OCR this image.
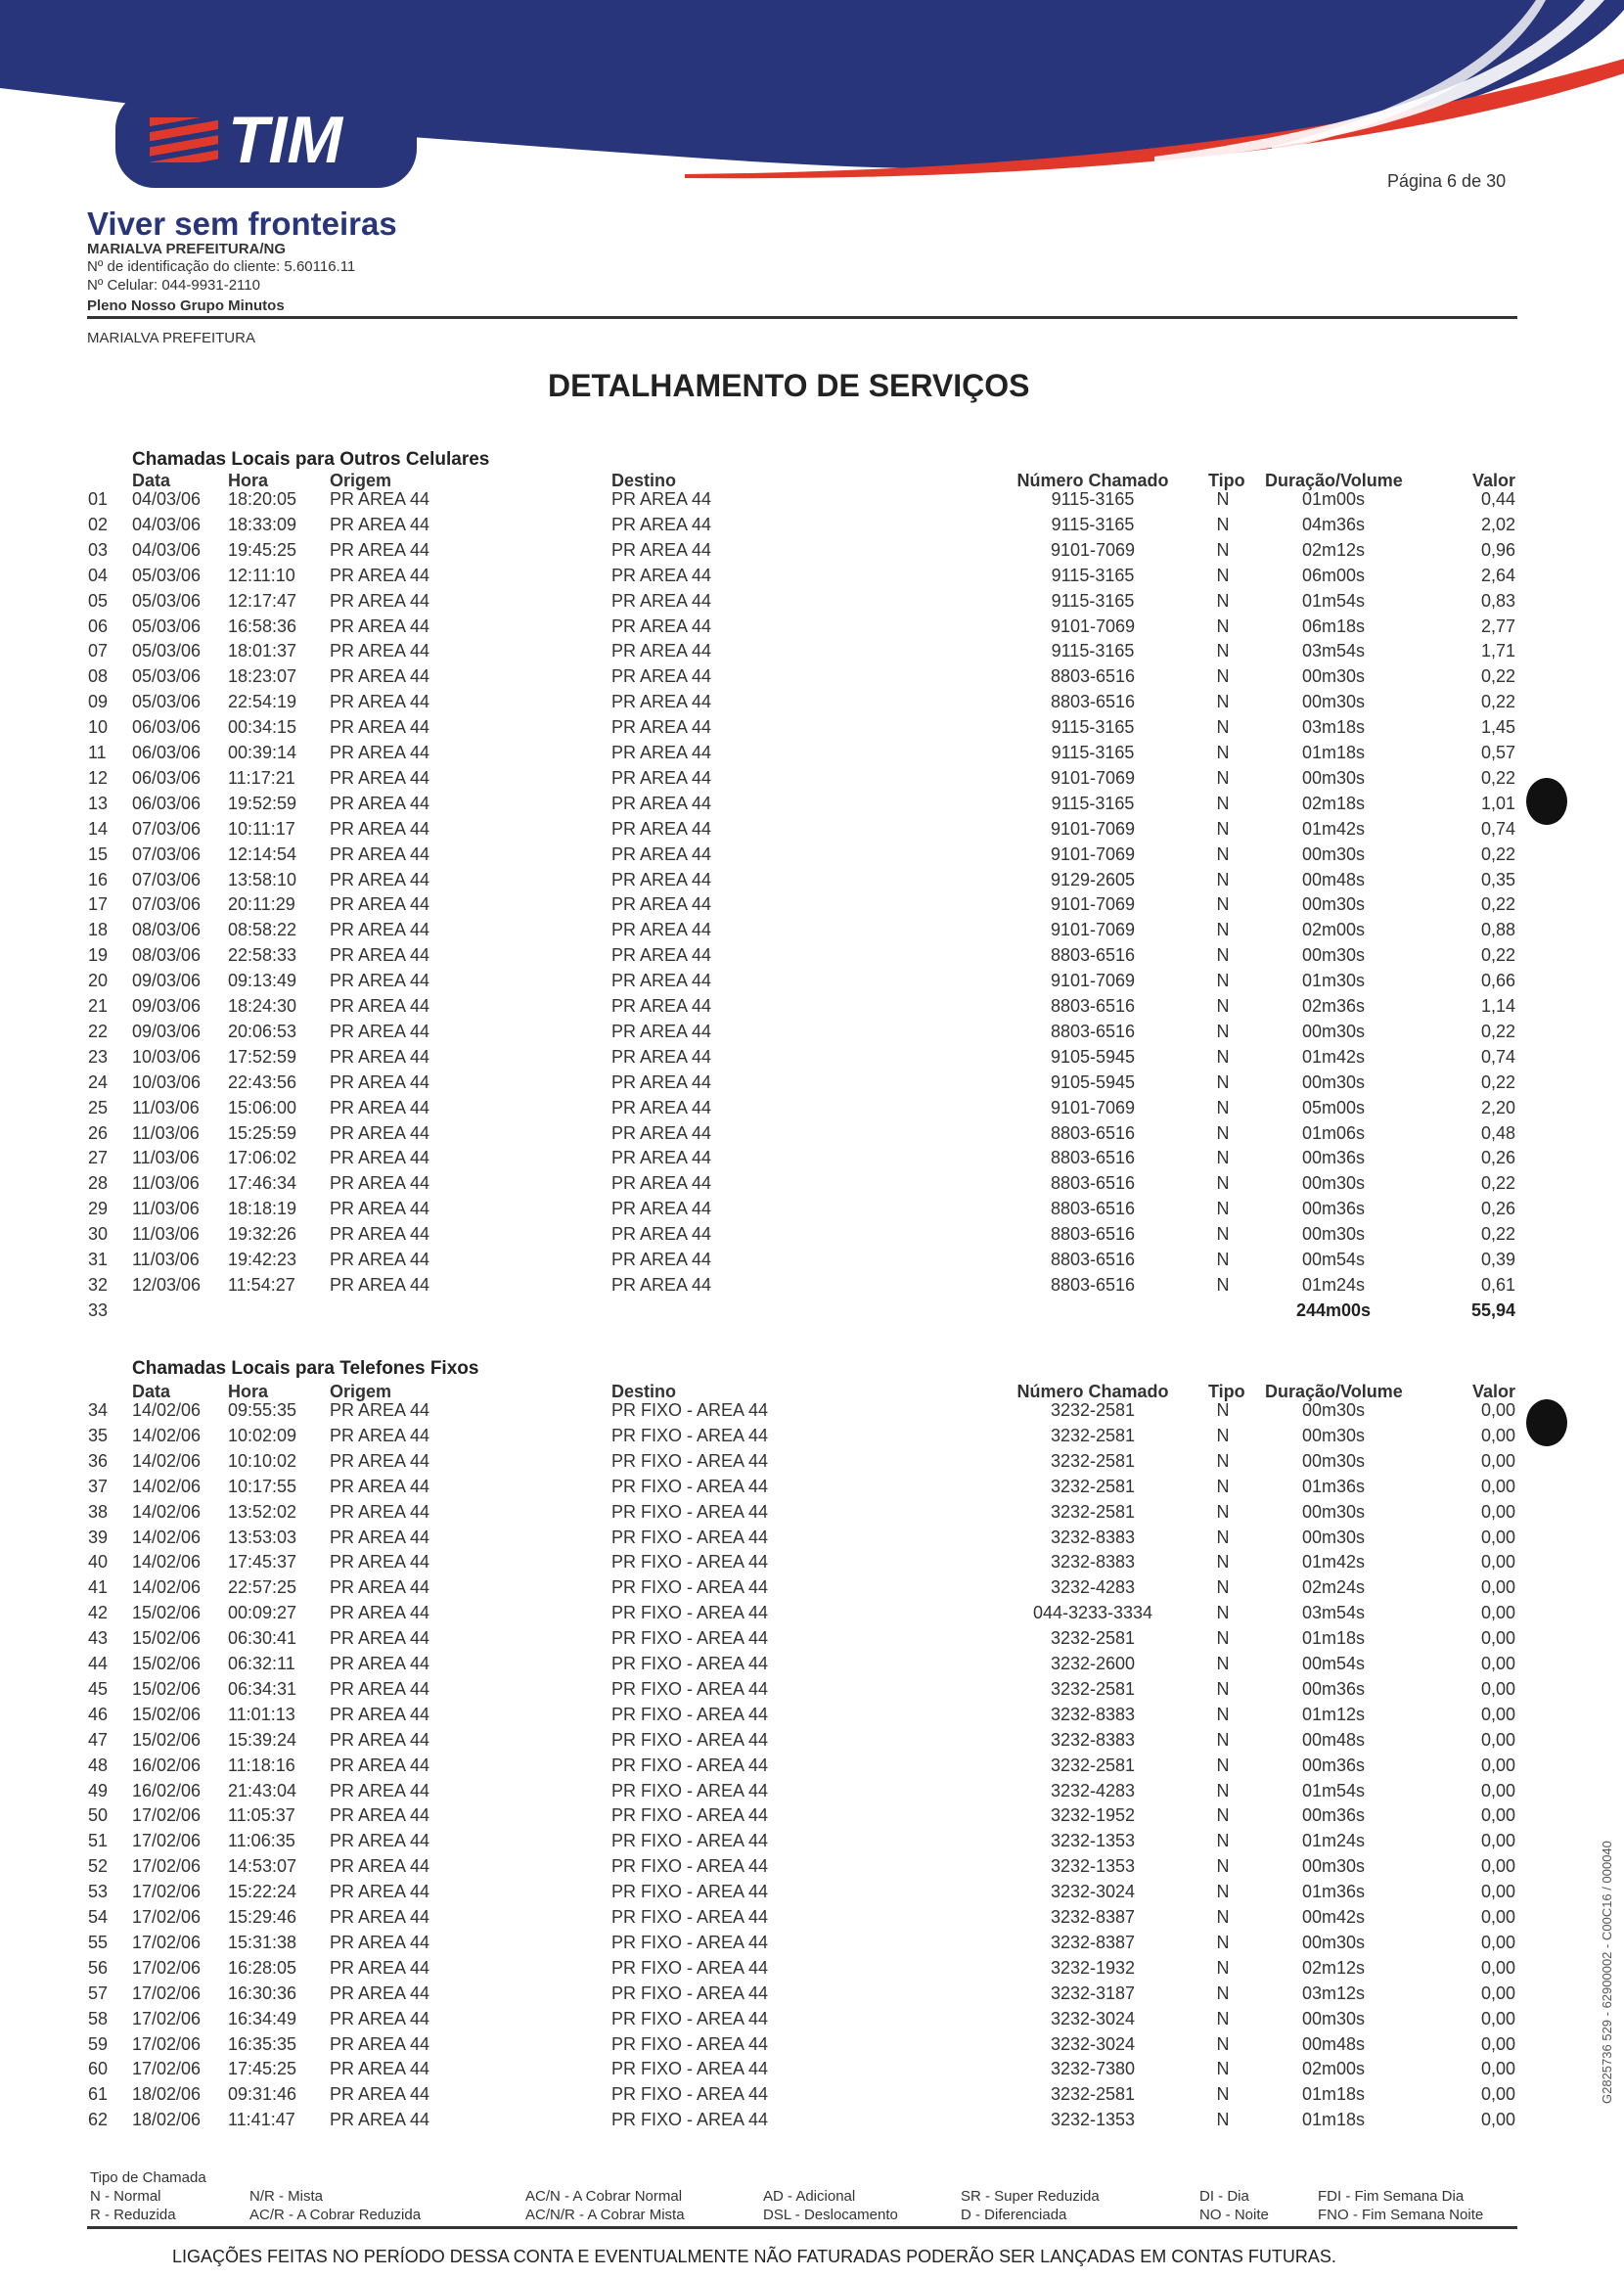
TIM
Página 6 de 30
Viver sem fronteiras
MARIALVA PREFEITURA/NG
Nº de identificação do cliente: 5.60116.11
Nº Celular: 044-9931-2110
Pleno Nosso Grupo Minutos
MARIALVA PREFEITURA
DETALHAMENTO DE SERVIÇOS
Chamadas Locais para Outros Celulares
Data	Hora	Origem	Destino	Número Chamado Tipo Duração/Volume	Valor
01 04/03/06 18:20:05 PR AREA 44	PR AREA 44	9115-3165	N	01m00s	0,44
02 04/03/06 18:33:09 PR AREA 44	PR AREA 44	9115-3165	N	04m36s	2,02
03 04/03/06 19:45:25 PR AREA 44	PR AREA 44	9101-7069	N	02m12s	0,96
04 05/03/06 12:11:10 PR AREA 44	PR AREA 44	9115-3165	N	06m00s	2,64
05 05/03/06 12:17:47 PR AREA 44	PR AREA 44	9115-3165	N	01m54s	0,83
06 05/03/06 16:58:36 PR AREA 44	PR AREA 44	9101-7069	N	06m18s	2,77
07 05/03/06 18:01:37 PR AREA 44	PR AREA 44	9115-3165	N	03m54s	1,71
08 05/03/06 18:23:07 PR AREA 44	PR AREA 44	8803-6516	N	00m30s	0,22
09 05/03/06 22:54:19 PR AREA 44	PR AREA 44	8803-6516	N	00m30s	0,22
10 06/03/06 00:34:15 PR AREA 44	PR AREA 44	9115-3165	N	03m18s	1,45
11 06/03/06 00:39:14 PR AREA 44	PR AREA 44	9115-3165	N	01m18s	0,57
12 06/03/06 11:17:21 PR AREA 44	PR AREA 44	9101-7069	N	00m30s	0,22
13 06/03/06 19:52:59 PR AREA 44	PR AREA 44	9115-3165	N	02m18s	1,01
14 07/03/06 10:11:17 PR AREA 44	PR AREA 44	9101-7069	N	01m42s	0,74
15 07/03/06 12:14:54 PR AREA 44	PR AREA 44	9101-7069	N	00m30s	0,22
16 07/03/06 13:58:10 PR AREA 44	PR AREA 44	9129-2605	N	00m48s	0,35
17 07/03/06 20:11:29 PR AREA 44	PR AREA 44	9101-7069	N	00m30s	0,22
18 08/03/06 08:58:22 PR AREA 44	PR AREA 44	9101-7069	N	02m00s	0,88
19 08/03/06 22:58:33 PR AREA 44	PR AREA 44	8803-6516	N	00m30s	0,22
20 09/03/06 09:13:49 PR AREA 44	PR AREA 44	9101-7069	N	01m30s	0,66
21 09/03/06 18:24:30 PR AREA 44	PR AREA 44	8803-6516	N	02m36s	1,14
22 09/03/06 20:06:53 PR AREA 44	PR AREA 44	8803-6516	N	00m30s	0,22
23 10/03/06 17:52:59 PR AREA 44	PR AREA 44	9105-5945	N	01m42s	0,74
24 10/03/06 22:43:56 PR AREA 44	PR AREA 44	9105-5945	N	00m30s	0,22
25 11/03/06 15:06:00 PR AREA 44	PR AREA 44	9101-7069	N	05m00s	2,20
26 11/03/06 15:25:59 PR AREA 44	PR AREA 44	8803-6516	N	01m06s	0,48
27 11/03/06 17:06:02 PR AREA 44	PR AREA 44	8803-6516	N	00m36s	0,26
28 11/03/06 17:46:34 PR AREA 44	PR AREA 44	8803-6516	N	00m30s	0,22
29 11/03/06 18:18:19 PR AREA 44	PR AREA 44	8803-6516	N	00m36s	0,26
30 11/03/06 19:32:26 PR AREA 44	PR AREA 44	8803-6516	N	00m30s	0,22
31 11/03/06 19:42:23 PR AREA 44	PR AREA 44	8803-6516	N	00m54s	0,39
32 12/03/06 11:54:27 PR AREA 44	PR AREA 44	8803-6516	N	01m24s	0,61
33	244m00s	55,94
Chamadas Locais para Telefones Fixos
Data	Hora	Origem	Destino	Número Chamado Tipo Duração/Volume	Valor
34 14/02/06 09:55:35 PR AREA 44	PR FIXO - AREA 44	3232-2581	N	00m30s	0,00
35 14/02/06 10:02:09 PR AREA 44	PR FIXO - AREA 44	3232-2581	N	00m30s	0,00
36 14/02/06 10:10:02 PR AREA 44	PR FIXO - AREA 44	3232-2581	N	00m30s	0,00
37 14/02/06 10:17:55 PR AREA 44	PR FIXO - AREA 44	3232-2581	N	01m36s	0,00
38 14/02/06 13:52:02 PR AREA 44	PR FIXO - AREA 44	3232-2581	N	00m30s	0,00
39 14/02/06 13:53:03 PR AREA 44	PR FIXO - AREA 44	3232-8383	N	00m30s	0,00
40 14/02/06 17:45:37 PR AREA 44	PR FIXO - AREA 44	3232-8383	N	01m42s	0,00
41 14/02/06 22:57:25 PR AREA 44	PR FIXO - AREA 44	3232-4283	N	02m24s	0,00
42 15/02/06 00:09:27 PR AREA 44	PR FIXO - AREA 44	044-3233-3334	N	03m54s	0,00
43 15/02/06 06:30:41 PR AREA 44	PR FIXO - AREA 44	3232-2581	N	01m18s	0,00
44 15/02/06 06:32:11 PR AREA 44	PR FIXO - AREA 44	3232-2600	N	00m54s	0,00
45 15/02/06 06:34:31 PR AREA 44	PR FIXO - AREA 44	3232-2581	N	00m36s	0,00
46 15/02/06 11:01:13 PR AREA 44	PR FIXO - AREA 44	3232-8383	N	01m12s	0,00
47 15/02/06 15:39:24 PR AREA 44	PR FIXO - AREA 44	3232-8383	N	00m48s	0,00
48 16/02/06 11:18:16 PR AREA 44	PR FIXO - AREA 44	3232-2581	N	00m36s	0,00
49 16/02/06 21:43:04 PR AREA 44	PR FIXO - AREA 44	3232-4283	N	01m54s	0,00
50 17/02/06 11:05:37 PR AREA 44	PR FIXO - AREA 44	3232-1952	N	00m36s	0,00
51 17/02/06 11:06:35 PR AREA 44	PR FIXO - AREA 44	3232-1353	N	01m24s	0,00
52 17/02/06 14:53:07 PR AREA 44	PR FIXO - AREA 44	3232-1353	N	00m30s	0,00
53 17/02/06 15:22:24 PR AREA 44	PR FIXO - AREA 44	3232-3024	N	01m36s	0,00
54 17/02/06 15:29:46 PR AREA 44	PR FIXO - AREA 44	3232-8387	N	00m42s	0,00
55 17/02/06 15:31:38 PR AREA 44	PR FIXO - AREA 44	3232-8387	N	00m30s	0,00
56 17/02/06 16:28:05 PR AREA 44	PR FIXO - AREA 44	3232-1932	N	02m12s	0,00
57 17/02/06 16:30:36 PR AREA 44	PR FIXO - AREA 44	3232-3187	N	03m12s	0,00
58 17/02/06 16:34:49 PR AREA 44	PR FIXO - AREA 44	3232-3024	N	00m30s	0,00
59 17/02/06 16:35:35 PR AREA 44	PR FIXO - AREA 44	3232-3024	N	00m48s	0,00
60 17/02/06 17:45:25 PR AREA 44	PR FIXO - AREA 44	3232-7380	N	02m00s	0,00
61 18/02/06 09:31:46 PR AREA 44	PR FIXO - AREA 44	3232-2581	N	01m18s	0,00
62 18/02/06 11:41:47 PR AREA 44	PR FIXO - AREA 44	3232-1353	N	01m18s	0,00
Tipo de Chamada
N - Normal
R - Reduzida
N/R - Mista
AC/R - A Cobrar Reduzida
AC/N - A Cobrar Normal
AC/N/R - A Cobrar Mista
AD - Adicional
DSL - Deslocamento
SR - Super Reduzida
D - Diferenciada
DI - Dia
NO - Noite
FDI - Fim Semana Dia
FNO - Fim Semana Noite
LIGAÇÕES FEITAS NO PERÍODO DESSA CONTA E EVENTUALMENTE NÃO FATURADAS PODERÃO SER LANÇADAS EM CONTAS FUTURAS.
G2825736 529 - 62900002 - C00C16 / 000040
